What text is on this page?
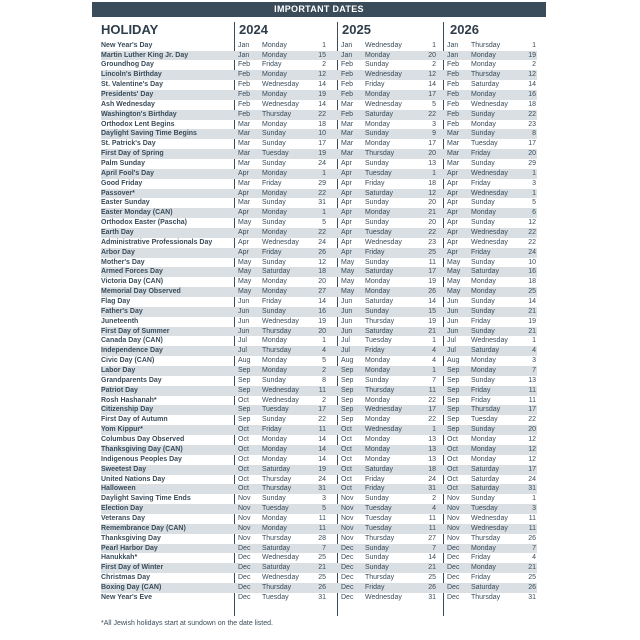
IMPORTANT DATES
HOLIDAY	2024	2025	2026
New Year's Day	Jan Monday	1 Jan Wednesday	1 Jan Thursday	1
Martin Luther King Jr. Day	Jan Monday	15 Jan Monday	20 Jan Monday	19
Groundhog Day	Feb Friday	2 Feb Sunday	2 Feb Monday	2
Lincoln's Birthday	Feb Monday	12 Feb Wednesday	12 Feb Thursday	12
St. Valentine's Day	Feb Wednesday	14 Feb Friday	14 Feb Saturday	14
Presidents' Day	Feb Monday	19 Feb Monday	17 Feb Monday	16
Ash Wednesday	Feb Wednesday	14 Mar Wednesday	5 Feb Wednesday	18
Washington's Birthday	Feb Thursday	22 Feb Saturday	22 Feb Sunday	22
Orthodox Lent Begins	Mar Monday	18 Mar Monday	3 Feb Monday	23
Daylight Saving Time Begins	Mar Sunday	10 Mar Sunday	9 Mar Sunday	8
St. Patrick's Day	Mar Sunday	17 Mar Monday	17 Mar Tuesday	17
First Day of Spring	Mar Tuesday	19 Mar Thursday	20 Mar Friday	20
Palm Sunday	Mar Sunday	24 Apr Sunday	13 Mar Sunday	29
April Fool's Day	Apr Monday	1 Apr Tuesday	1 Apr Wednesday	1
Good Friday	Mar Friday	29 Apr Friday	18 Apr Friday	3
Passover*	Apr Monday	22 Apr Saturday	12 Apr Wednesday	1
Easter Sunday	Mar Sunday	31 Apr Sunday	20 Apr Sunday	5
Easter Monday (CAN)	Apr Monday	1 Apr Monday	21 Apr Monday	6
Orthodox Easter (Pascha)	May Sunday	5 Apr Sunday	20 Apr Sunday	12
Earth Day	Apr Monday	22 Apr Tuesday	22 Apr Wednesday	22
Administrative Professionals Day	Apr Wednesday	24 Apr Wednesday	23 Apr Wednesday	22
Arbor Day	Apr Friday	26 Apr Friday	25 Apr Friday	24
Mother's Day	May Sunday	12 May Sunday	11 May Sunday	10
Armed Forces Day	May Saturday	18 May Saturday	17 May Saturday	16
Victoria Day (CAN)	May Monday	20 May Monday	19 May Monday	18
Memorial Day Observed	May Monday	27 May Monday	26 May Monday	25
Flag Day	Jun Friday	14 Jun Saturday	14 Jun Sunday	14
Father's Day	Jun Sunday	16 Jun Sunday	15 Jun Sunday	21
Juneteenth	Jun Wednesday	19 Jun Thursday	19 Jun Friday	19
First Day of Summer	Jun Thursday	20 Jun Saturday	21 Jun Sunday	21
Canada Day (CAN)	Jul Monday	1 Jul Tuesday	1 Jul Wednesday	1
Independence Day	Jul Thursday	4 Jul Friday	4 Jul Saturday	4
Civic Day (CAN)	Aug Monday	5 Aug Monday	4 Aug Monday	3
Labor Day	Sep Monday	2 Sep Monday	1 Sep Monday	7
Grandparents Day	Sep Sunday	8 Sep Sunday	7 Sep Sunday	13
Patriot Day	Sep Wednesday	11 Sep Thursday	11 Sep Friday	11
Rosh Hashanah*	Oct Wednesday	2 Sep Monday	22 Sep Friday	11
Citizenship Day	Sep Tuesday	17 Sep Wednesday	17 Sep Thursday	17
First Day of Autumn	Sep Sunday	22 Sep Monday	22 Sep Tuesday	22
Yom Kippur*	Oct Friday	11 Oct Wednesday	1 Sep Sunday	20
Columbus Day Observed	Oct Monday	14 Oct Monday	13 Oct Monday	12
Thanksgiving Day (CAN)	Oct Monday	14 Oct Monday	13 Oct Monday	12
Indigenous Peoples Day	Oct Monday	14 Oct Monday	13 Oct Monday	12
Sweetest Day	Oct Saturday	19 Oct Saturday	18 Oct Saturday	17
United Nations Day	Oct Thursday	24 Oct Friday	24 Oct Saturday	24
Halloween	Oct Thursday	31 Oct Friday	31 Oct Saturday	31
Daylight Saving Time Ends	Nov Sunday	3 Nov Sunday	2 Nov Sunday	1
Election Day	Nov Tuesday	5 Nov Tuesday	4 Nov Tuesday	3
Veterans Day	Nov Monday	11 Nov Tuesday	11 Nov Wednesday	11
Remembrance Day (CAN)	Nov Monday	11 Nov Tuesday	11 Nov Wednesday	11
Thanksgiving Day	Nov Thursday	28 Nov Thursday	27 Nov Thursday	26
Pearl Harbor Day	Dec Saturday	7 Dec Sunday	7 Dec Monday	7
Hanukkah*	Dec Wednesday	25 Dec Sunday	14 Dec Friday	4
First Day of Winter	Dec Saturday	21 Dec Sunday	21 Dec Monday	21
Christmas Day	Dec Wednesday	25 Dec Thursday	25 Dec Friday	25
Boxing Day (CAN)	Dec Thursday	26 Dec Friday	26 Dec Saturday	26
New Year's Eve	Dec Tuesday	31 Dec Wednesday	31 Dec Thursday	31
*All Jewish holidays start at sundown on the date listed.
